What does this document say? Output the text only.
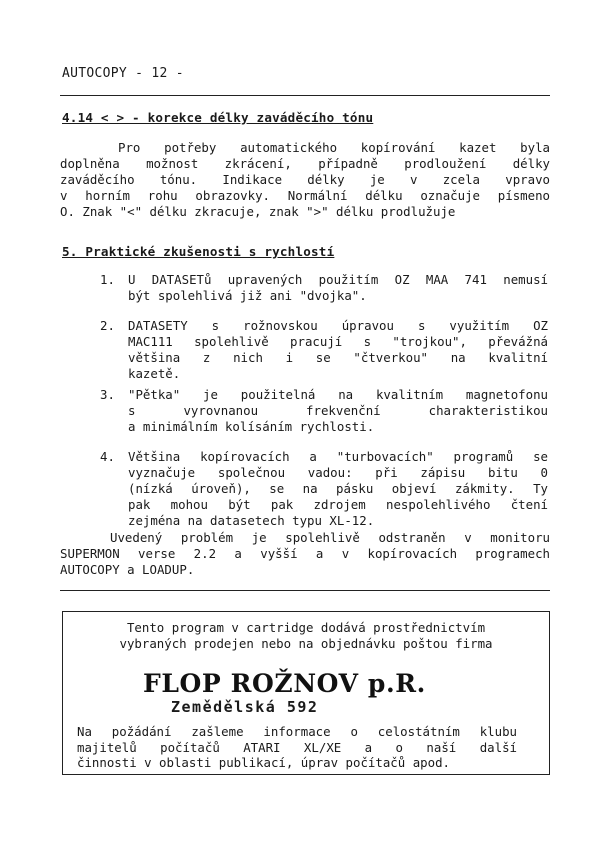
AUTOCOPY - 12 -
4.14 < > - korekce délky zaváděcího tónu
Pro potřeby automatického kopírování kazet byla
doplněna možnost zkrácení, případně prodloužení délky
zaváděcího tónu. Indikace délky je v zcela vpravo
v horním rohu obrazovky. Normální délku označuje písmeno
O. Znak "<" délku zkracuje, znak ">" délku prodlužuje
5. Praktické zkušenosti s rychlostí
1.	U DATASETů upravených použitím OZ MAA 741 nemusí
být spolehlivá již ani "dvojka".
2.	DATASETY s rožnovskou úpravou s využitím OZ
MAC111 spolehlivě pracují s "trojkou", převážná
většina z nich i se "čtverkou" na kvalitní
kazetě.
3.	"Pětka" je použitelná na kvalitním magnetofonu
s vyrovnanou frekvenční charakteristikou
a minimálním kolísáním rychlosti.
4.	Většina kopírovacích a "turbovacích" programů se
vyznačuje společnou vadou: při zápisu bitu 0
(nízká úroveň), se na pásku objeví zákmity. Ty
pak mohou být pak zdrojem nespolehlivého čtení
zejména na datasetech typu XL-12.
Uvedený problém je spolehlivě odstraněn v monitoru
SUPERMON verse 2.2 a vyšší a v kopírovacích programech
AUTOCOPY a LOADUP.
Tento program v cartridge dodává prostřednictvím
vybraných prodejen nebo na objednávku poštou firma
FLOP ROŽNOV p.R.
Zemědělská 592
Na požádání zašleme informace o celostátním klubu
majitelů počítačů ATARI XL/XE a o naší další
činnosti v oblasti publikací, úprav počítačů apod.
